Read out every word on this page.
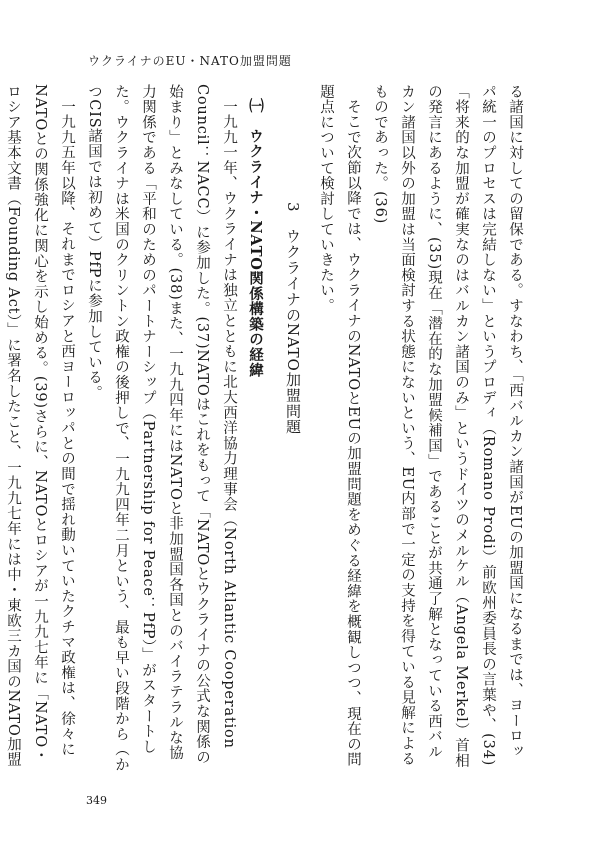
ウクライナのEU・NATO加盟問題

る諸国に対しての留保である。すなわち、「西バルカン諸国がEUの加盟国になるまでは、ヨーロッパ統一のプロセスは完結しない」というプロディ（Romano Prodi）前欧州委員長の言葉や、(34)「将来的な加盟が確実なのはバルカン諸国のみ」というドイツのメルケル（Angela Merkel）首相の発言にあるように、(35)現在「潜在的な加盟候補国」であることが共通了解となっている西バルカン諸国以外の加盟は当面検討する状態にないという、EU内部で一定の支持を得ている見解によるものであった。(36)

そこで次節以降では、ウクライナのNATOとEUの加盟問題をめぐる経緯を概観しつつ、現在の問題点について検討していきたい。

3　ウクライナのNATO加盟問題
㈠　ウクライナ・NATO関係構築の経緯

一九九一年、ウクライナは独立とともに北大西洋協力理事会（North Atlantic Cooperation Council：NACC）に参加した。(37)NATOはこれをもって「NATOとウクライナの公式な関係の始まり」とみなしている。(38)また、一九九四年にはNATOと非加盟国各国とのバイラテラルな協力関係である「平和のためのパートナーシップ（Partnership for Peace：PfP）」がスタートした。ウクライナは米国のクリントン政権の後押しで、一九九四年二月という、最も早い段階から（かつCIS諸国では初めて）PfPに参加している。

一九九五年以降、それまでロシアと西ヨーロッパとの間で揺れ動いていたクチマ政権は、徐々にNATOとの関係強化に関心を示し始める。(39)さらに、NATOとロシアが一九九七年に「NATO・ロシア基本文書（Founding Act）」に署名したこと、一九九七年には中・東欧三カ国のNATO加盟

349
